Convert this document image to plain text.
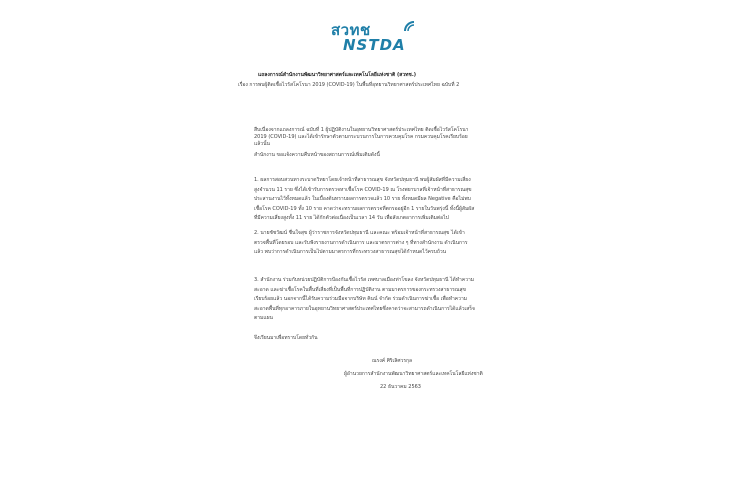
สวทช
NSTDA
แถลงการณ์สำนักงานพัฒนาวิทยาศาสตร์และเทคโนโลยีแห่งชาติ (สวทช.)
เรื่อง การพบผู้ติดเชื้อไวรัสโคโรนา 2019 (COVID-19) ในพื้นที่อุทยานวิทยาศาสตร์ประเทศไทย ฉบับที่ 2
สืบเนื่องจากแถลงการณ์ ฉบับที่ 1 ผู้ปฏิบัติงานในอุทยานวิทยาศาสตร์ประเทศไทย ติดเชื้อไวรัสโคโรนา 2019 (COVID-19) และได้เข้ารักษาตัวตามกระบวนการในการควบคุมโรค กรมควบคุมโรคเรียบร้อยแล้วนั้น
สำนักงาน ขอแจ้งความคืบหน้าของสถานการณ์เพิ่มเติมดังนี้
1. ผลการสอบสวนทางระบาดวิทยาโดยเจ้าหน้าที่สาธารณสุข จังหวัดปทุมธานี พบผู้สัมผัสที่มีความเสี่ยงสูงจำนวน 11 ราย ซึ่งได้เข้ารับการตรวจหาเชื้อโรค COVID-19 ณ โรงพยาบาลที่เจ้าหน้าที่สาธารณสุขประสานงานไว้ทั้งหมดแล้ว ในเบื้องต้นทราบผลการตรวจแล้ว 10 ราย ทั้งหมดมีผล Negative คือไม่พบเชื้อโรค COVID-19 ทั้ง 10 ราย คาดว่าจะทราบผลการตรวจที่ตกรออยู่อีก 1 รายในวันพรุ่งนี้ ทั้งนี้ผู้สัมผัสที่มีความเสี่ยงสูงทั้ง 11 ราย ได้กักตัวต่อเนื่องเป็นเวลา 14 วัน เพื่อสังเกตอาการเพิ่มเติมต่อไป
2. นายชัชวัฒน์ ชื่นใจสุข ผู้ว่าราชการจังหวัดปทุมธานี และคณะ พร้อมเจ้าหน้าที่สาธารณสุข ได้เข้าตรวจพื้นที่โดยรอบ และรับฟังรายงานการดำเนินการ และมาตรการต่าง ๆ ที่ทางสำนักงาน ดำเนินการแล้ว พบว่าการดำเนินการเป็นไปตามมาตรการที่กระทรวงสาธารณสุขได้กำหนดไว้ครบถ้วน
3. สำนักงาน ร่วมกับหน่วยปฏิบัติการป้องกันเชื้อไวรัส เทศบาลเมืองท่าโขลง จังหวัดปทุมธานี ได้ทำความสะอาด และฆ่าเชื้อโรคในพื้นที่เสี่ยงที่เป็นพื้นที่การปฏิบัติงาน ตามมาตรการของกระทรวงสาธารณสุข เรียบร้อยแล้ว นอกจากนี้ได้รับความร่วมมือจากบริษัท คินน์ จำกัด ร่วมดำเนินการฆ่าเชื้อ เพื่อทำความสะอาดพื้นที่ทุกอาคารภายในอุทยานวิทยาศาสตร์ประเทศไทยซึ่งคาดว่าจะสามารถดำเนินการได้แล้วเสร็จตามแผน
จึงเรียนมาเพื่อทราบโดยทั่วกัน
ณรงค์ ศิริเลิศวรกุล
ผู้อำนวยการสำนักงานพัฒนาวิทยาศาสตร์และเทคโนโลยีแห่งชาติ
22 ธันวาคม 2563
